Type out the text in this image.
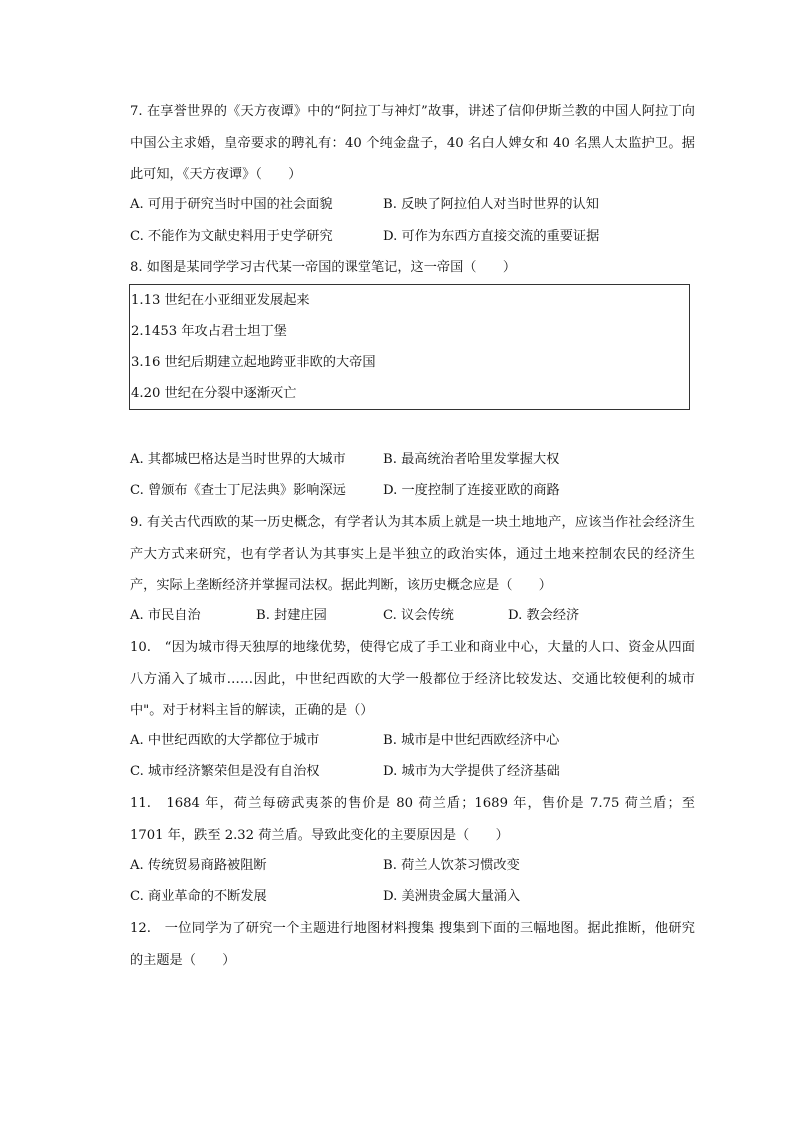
7. 在享誉世界的《天方夜谭》中的“阿拉丁与神灯”故事，讲述了信仰伊斯兰教的中国人阿拉丁向中国公主求婚，皇帝要求的聘礼有：40 个纯金盘子，40 名白人婢女和 40 名黑人太监护卫。据此可知，《天方夜谭》（　　）
A. 可用于研究当时中国的社会面貌	B. 反映了阿拉伯人对当时世界的认知
C. 不能作为文献史料用于史学研究	D. 可作为东西方直接交流的重要证据
8. 如图是某同学学习古代某一帝国的课堂笔记，这一帝国（　　）
1.13 世纪在小亚细亚发展起来
2.1453 年攻占君士坦丁堡
3.16 世纪后期建立起地跨亚非欧的大帝国
4.20 世纪在分裂中逐渐灭亡
A. 其都城巴格达是当时世界的大城市	B. 最高统治者哈里发掌握大权
C. 曾颁布《查士丁尼法典》影响深远	D. 一度控制了连接亚欧的商路
9. 有关古代西欧的某一历史概念，有学者认为其本质上就是一块土地地产，应该当作社会经济生产大方式来研究，也有学者认为其事实上是半独立的政治实体，通过土地来控制农民的经济生产，实际上垄断经济并掌握司法权。据此判断，该历史概念应是（　　）
A. 市民自治	B. 封建庄园	C. 议会传统	D. 教会经济
10.　“因为城市得天独厚的地缘优势，使得它成了手工业和商业中心，大量的人口、资金从四面八方涌入了城市……因此，中世纪西欧的大学一般都位于经济比较发达、交通比较便利的城市中"。对于材料主旨的解读，正确的是（）
A. 中世纪西欧的大学都位于城市	B. 城市是中世纪西欧经济中心
C. 城市经济繁荣但是没有自治权	D. 城市为大学提供了经济基础
11.　1684 年，荷兰每磅武夷茶的售价是 80 荷兰盾；1689 年，售价是 7.75 荷兰盾；至 1701 年，跌至 2.32 荷兰盾。导致此变化的主要原因是（　　）
A. 传统贸易商路被阻断	B. 荷兰人饮茶习惯改变
C. 商业革命的不断发展	D. 美洲贵金属大量涌入
12.　一位同学为了研究一个主题进行地图材料搜集 搜集到下面的三幅地图。据此推断，他研究的主题是（　　）
